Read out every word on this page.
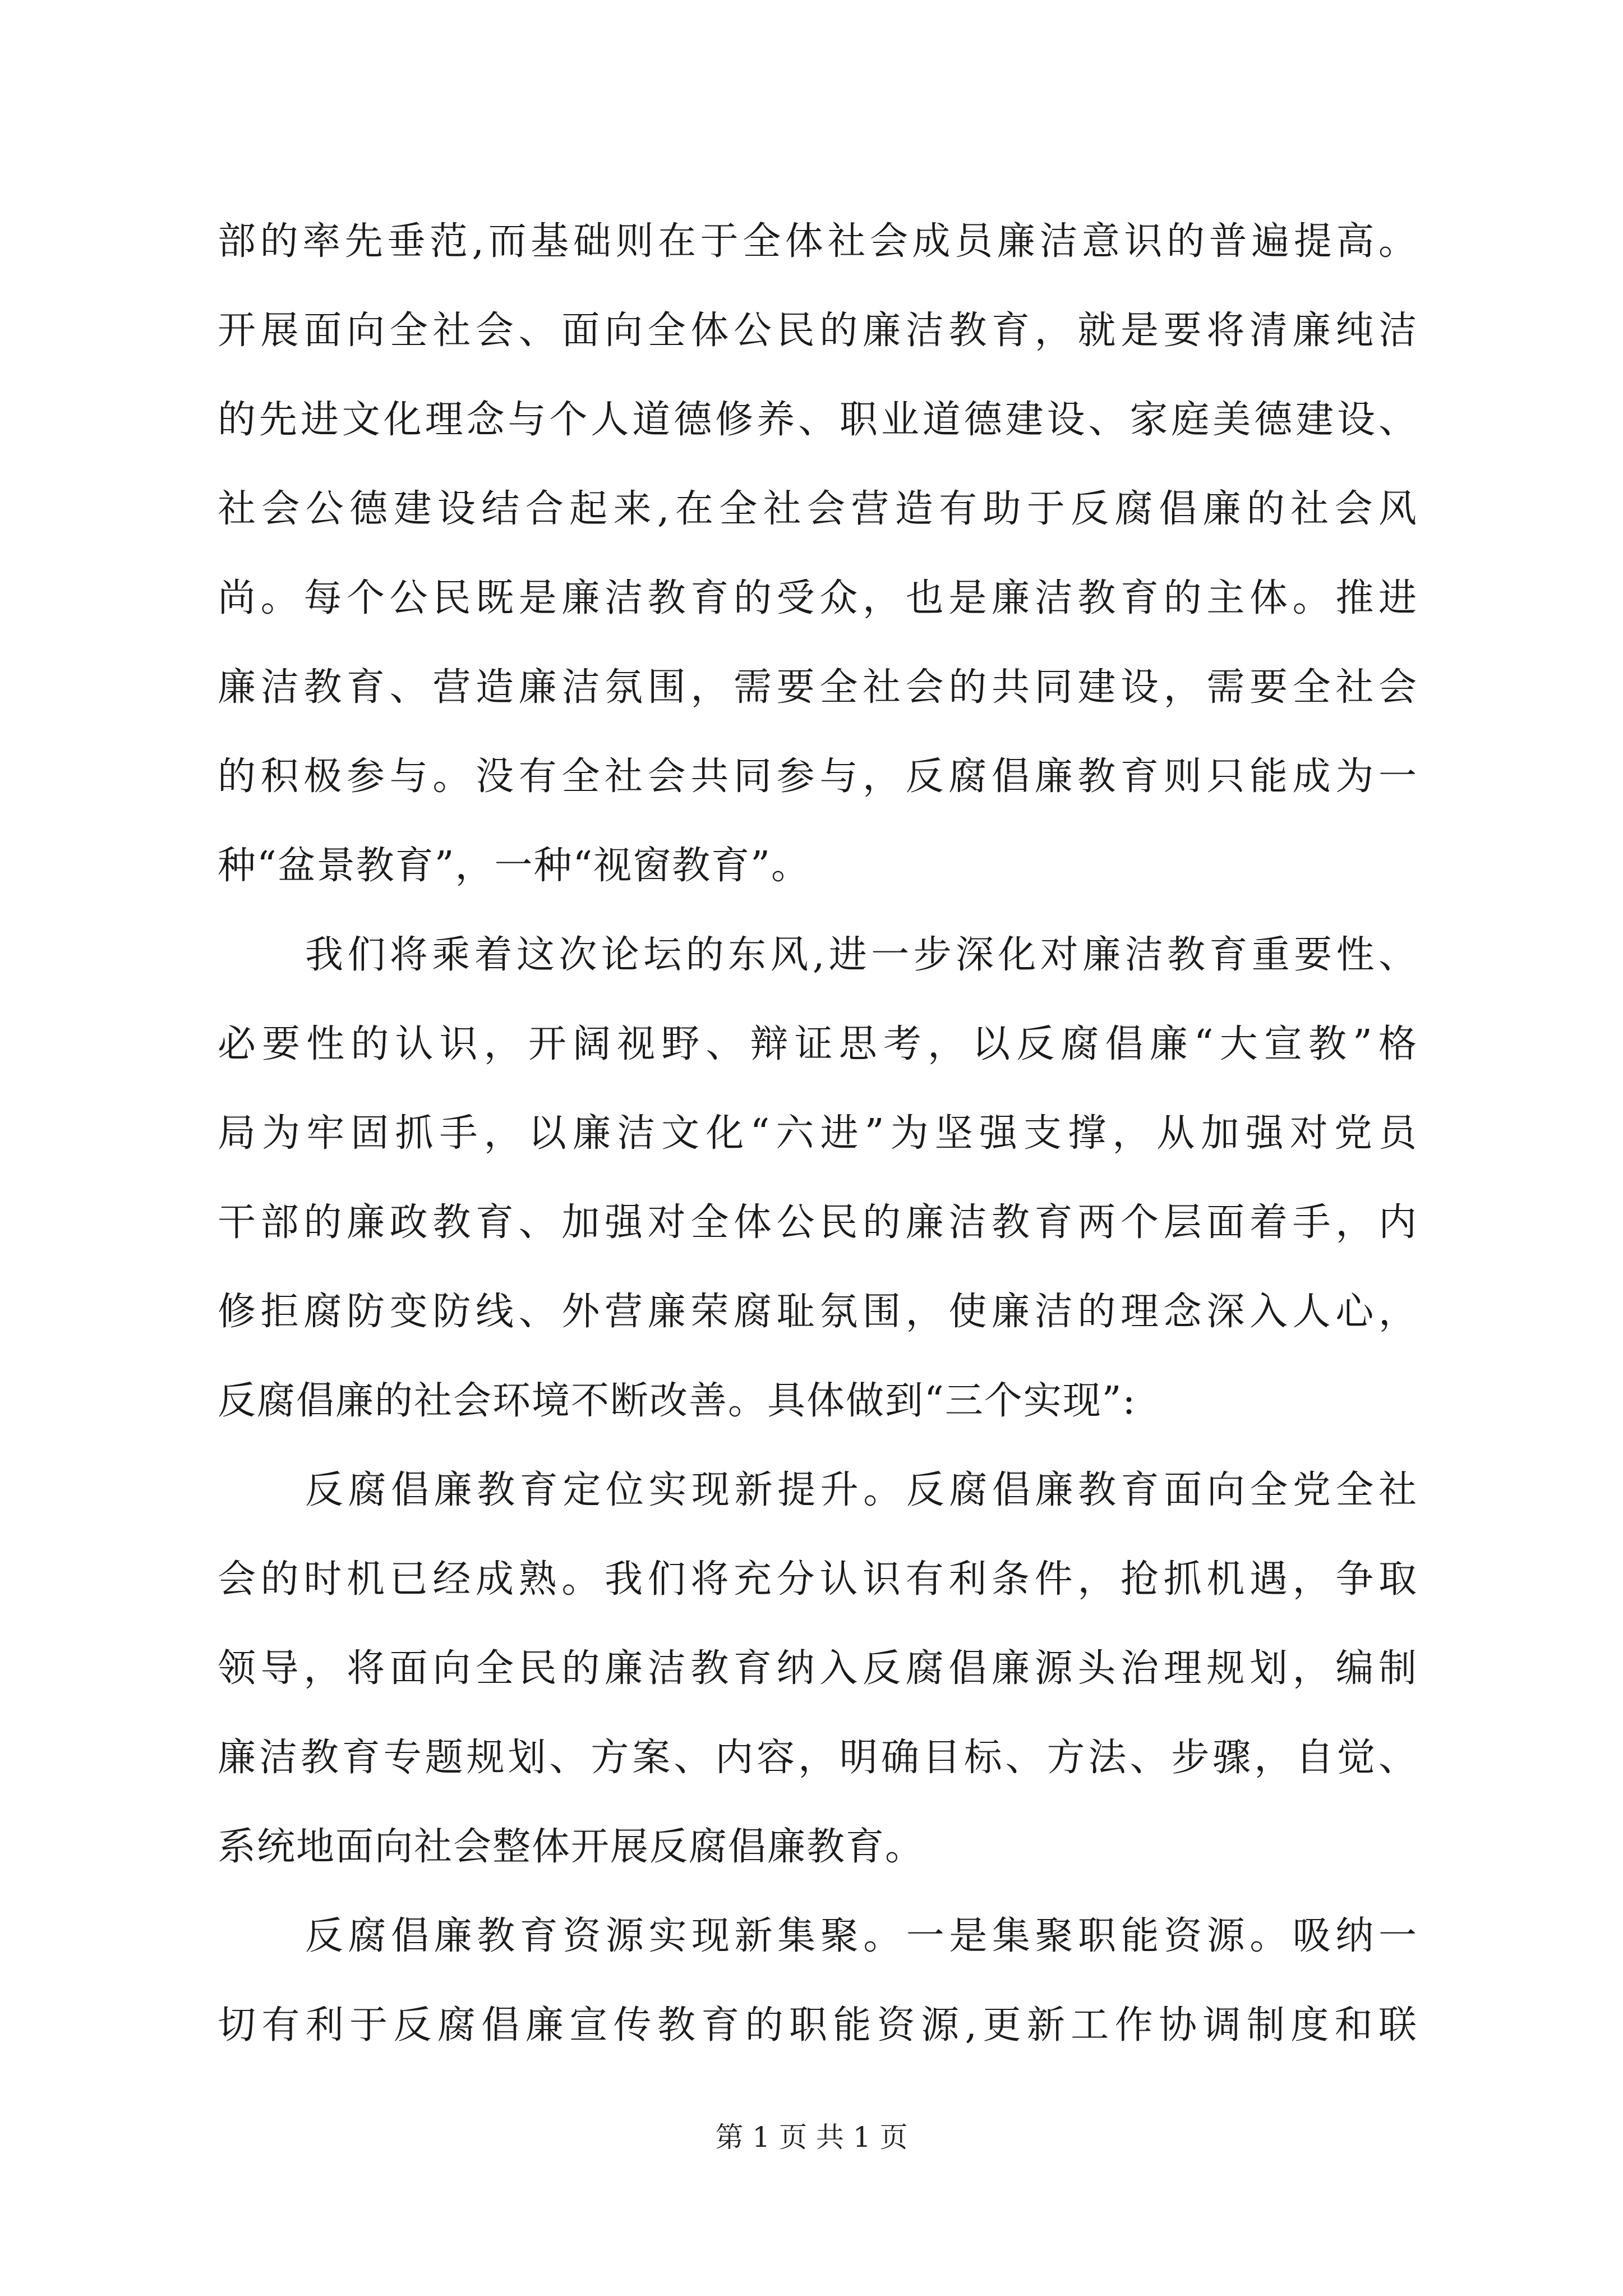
部的率先垂范,而基础则在于全体社会成员廉洁意识的普遍提高。
开展面向全社会、面向全体公民的廉洁教育，就是要将清廉纯洁
的先进文化理念与个人道德修养、职业道德建设、家庭美德建设、
社会公德建设结合起来,在全社会营造有助于反腐倡廉的社会风
尚。每个公民既是廉洁教育的受众，也是廉洁教育的主体。推进
廉洁教育、营造廉洁氛围，需要全社会的共同建设，需要全社会
的积极参与。没有全社会共同参与，反腐倡廉教育则只能成为一
种“盆景教育”，一种“视窗教育”。
我们将乘着这次论坛的东风,进一步深化对廉洁教育重要性、
必要性的认识，开阔视野、辩证思考，以反腐倡廉“大宣教”格
局为牢固抓手，以廉洁文化“六进”为坚强支撑，从加强对党员
干部的廉政教育、加强对全体公民的廉洁教育两个层面着手，内
修拒腐防变防线、外营廉荣腐耻氛围，使廉洁的理念深入人心，
反腐倡廉的社会环境不断改善。具体做到“三个实现”:
反腐倡廉教育定位实现新提升。反腐倡廉教育面向全党全社
会的时机已经成熟。我们将充分认识有利条件，抢抓机遇，争取
领导，将面向全民的廉洁教育纳入反腐倡廉源头治理规划，编制
廉洁教育专题规划、方案、内容，明确目标、方法、步骤，自觉、
系统地面向社会整体开展反腐倡廉教育。
反腐倡廉教育资源实现新集聚。一是集聚职能资源。吸纳一
切有利于反腐倡廉宣传教育的职能资源,更新工作协调制度和联
第 1 页 共 1 页
